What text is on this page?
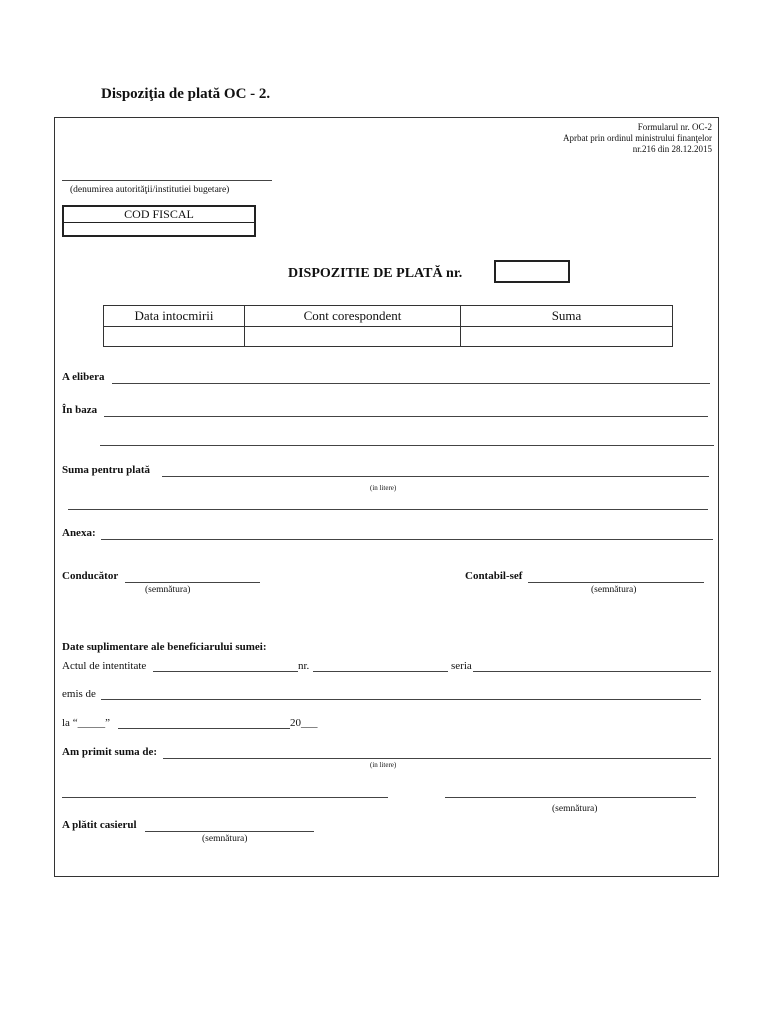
Dispoziţia de plată OC - 2.
Formularul nr. OC-2
Aprbat prin ordinul ministrului finanţelor
nr.216 din 28.12.2015
(denumirea autorităţii/institutiei bugetare)
COD FISCAL
DISPOZITIE DE PLATĂ nr.
Data intocmirii	Cont corespondent	Suma

A elibera
În baza
Suma pentru plată
(in litere)
Anexa:
Conducător
(semnătura)
Contabil-sef
(semnătura)
Date suplimentare ale beneficiarului sumei:
Actul de intentitate	nr.	seria
emis de
la “_____”	20___
Am primit suma de:
(in litere)
(semnătura)
A plătit casierul
(semnătura)
